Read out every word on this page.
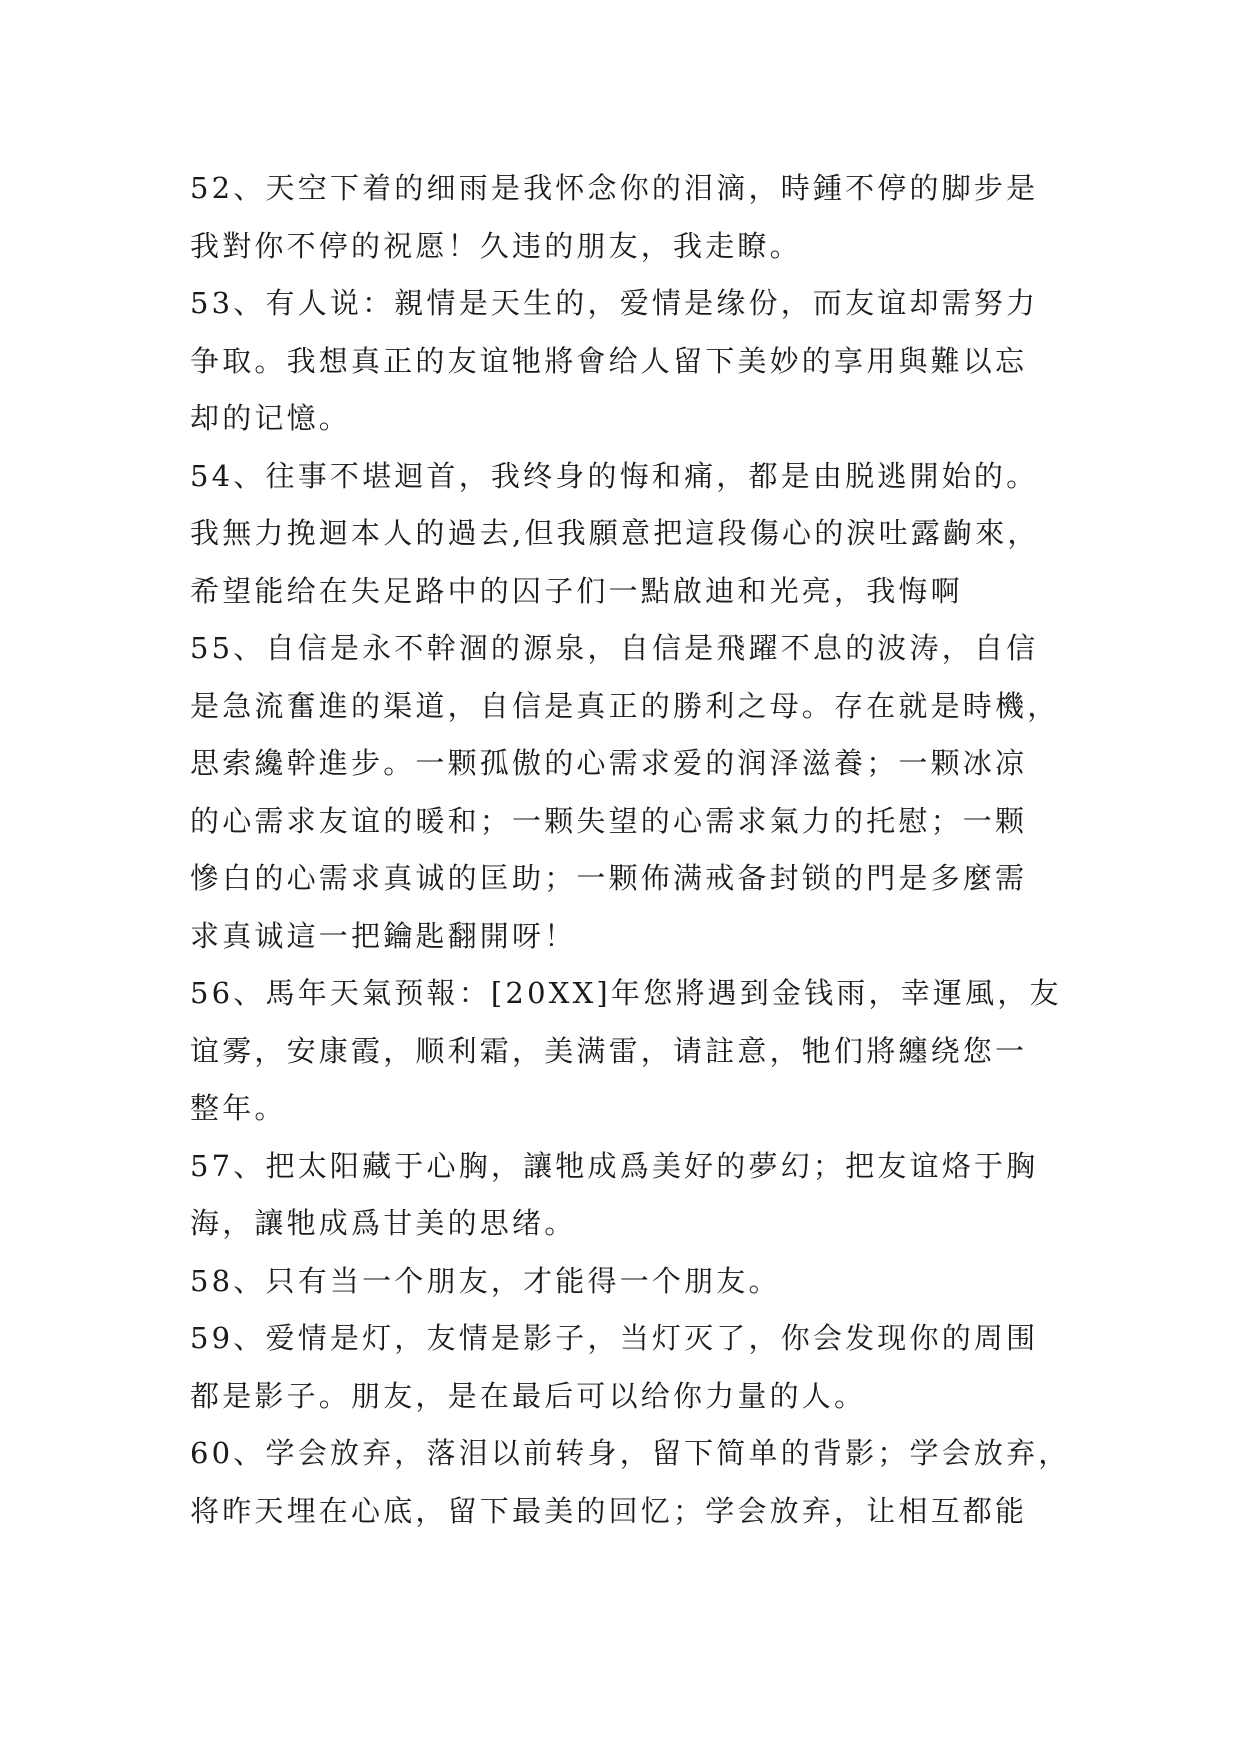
52、天空下着的细雨是我怀念你的泪滴，時鍾不停的脚步是
我對你不停的祝愿！久违的朋友，我走瞭。
53、有人说：親情是天生的，爱情是缘份，而友谊却需努力
争取。我想真正的友谊牠將會给人留下美妙的享用與難以忘
却的记憶。
54、往事不堪迴首，我终身的悔和痛，都是由脱逃開始的。
我無力挽迴本人的過去,但我願意把這段傷心的淚吐露齣來，
希望能给在失足路中的囚子们一點啟迪和光亮，我悔啊
55、自信是永不幹涸的源泉，自信是飛躍不息的波涛，自信
是急流奮進的渠道，自信是真正的勝利之母。存在就是時機，
思索纔幹進步。一颗孤傲的心需求爱的润泽滋養；一颗冰凉
的心需求友谊的暖和；一颗失望的心需求氣力的托慰；一颗
慘白的心需求真诚的匡助；一颗佈满戒备封锁的門是多麼需
求真诚這一把鑰匙翻開呀！
56、馬年天氣预報：[20XX]年您將遇到金钱雨，幸運風，友
谊雾，安康霞，顺利霜，美满雷，请註意，牠们將纏绕您一
整年。
57、把太阳藏于心胸，讓牠成爲美好的夢幻；把友谊烙于胸
海，讓牠成爲甘美的思绪。
58、只有当一个朋友，才能得一个朋友。
59、爱情是灯，友情是影子，当灯灭了，你会发现你的周围
都是影子。朋友，是在最后可以给你力量的人。
60、学会放弃，落泪以前转身，留下简单的背影；学会放弃，
将昨天埋在心底，留下最美的回忆；学会放弃，让相互都能
